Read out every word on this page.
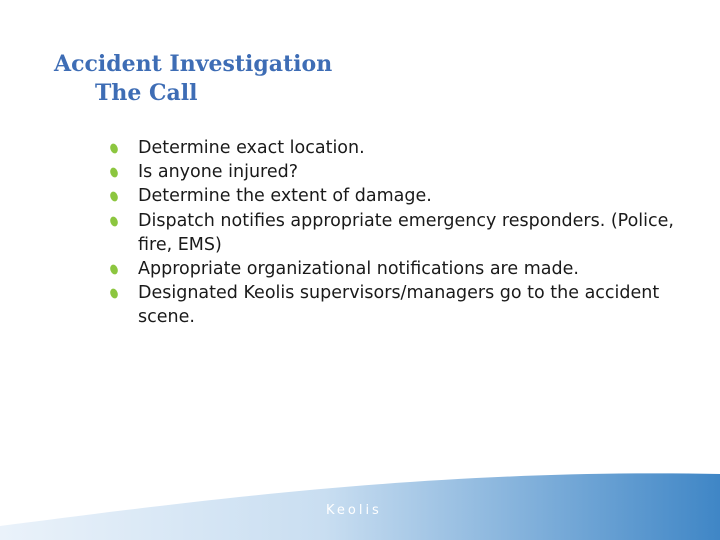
Accident Investigation
The Call
Determine exact location.
Is anyone injured?
Determine the extent of damage.
Dispatch notifies appropriate emergency responders. (Police, fire, EMS)
Appropriate organizational notifications are made.
Designated Keolis supervisors/managers go to the accident scene.
Keolis
